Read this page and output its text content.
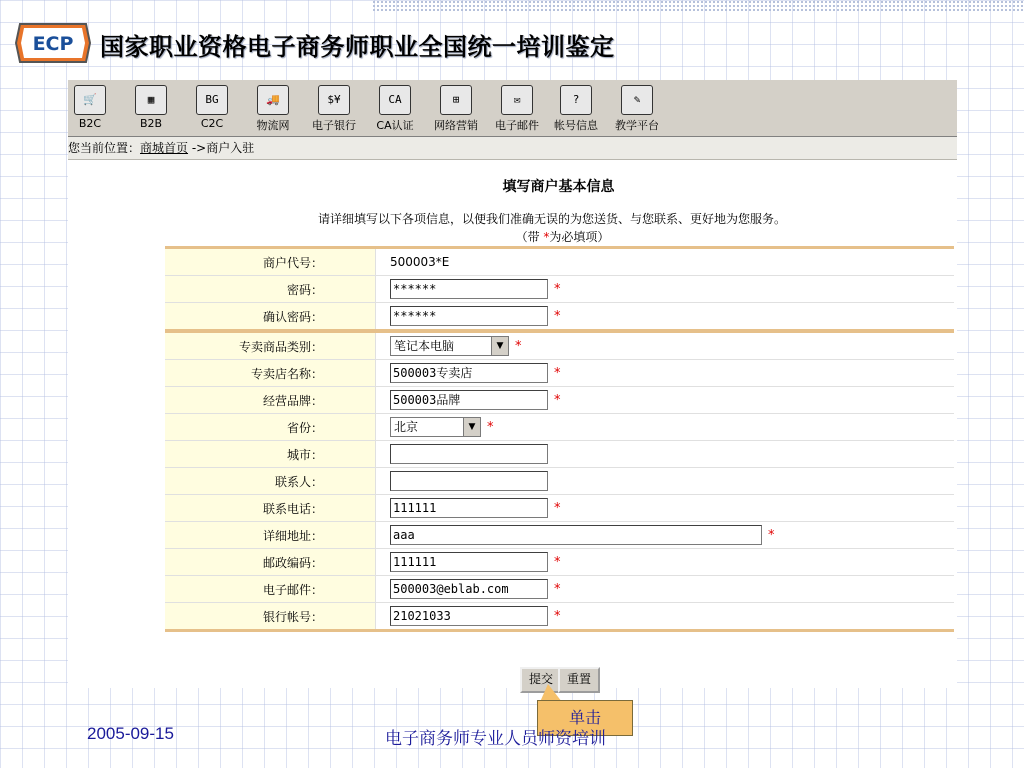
ECP 国家职业资格电子商务师职业全国统一培训鉴定
🛒
B2C
▦
B2B
BG
C2C
🚚
物流网
$¥
电子银行
CA
CA认证
⊞
网络营销
✉
电子邮件
?
帐号信息
✎
教学平台
您当前位置：商城首页 ->商户入驻
填写商户基本信息
请详细填写以下各项信息，以便我们准确无误的为您送货、与您联系、更好地为您服务。
（带 *为必填项）
商户代号：	500003*E
密码：	****** *
确认密码：	****** *
专卖商品类别：	笔记本电脑 ▼ *
专卖店名称：	500003专卖店 *
经营品牌：	500003品牌 *
省份：	北京 ▼ *
城市：	
联系人：	
联系电话：	111111 *
详细地址：	aaa *
邮政编码：	111111 *
电子邮件：	500003@eblab.com *
银行帐号：	21021033 *
提交	重置
单击
2005-09-15	电子商务师专业人员师资培训
